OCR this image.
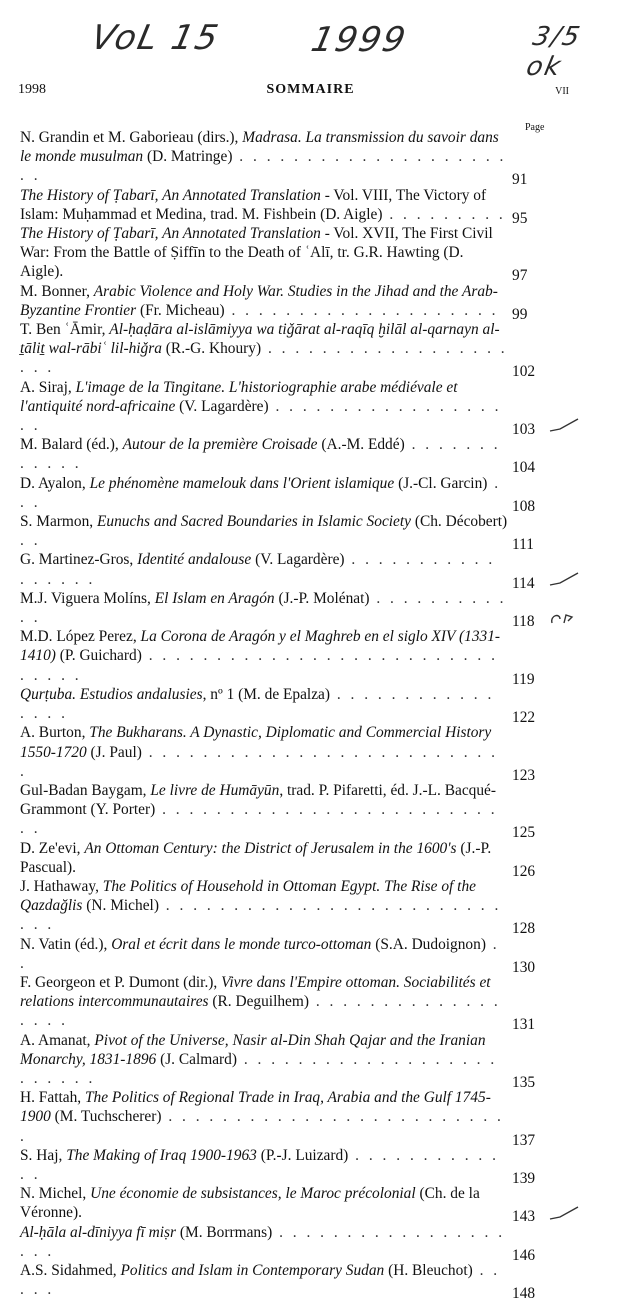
VoL 15 1999	3/5 ok
1998	SOMMAIRE	VII
Page
N. Grandin et M. Gaborieau (dirs.), Madrasa. La transmission du savoir dans le monde musulman (D. Matringe) . . . . . . . . . . . . . . . . . . . . . .	91
The History of Ṭabarī, An Annotated Translation - Vol. VIII, The Victory of Islam: Muḥammad et Medina, trad. M. Fishbein (D. Aigle) . . . . . . . . . 95
The History of Ṭabarī, An Annotated Translation - Vol. XVII, The First Civil War: From the Battle of Ṣiffīn to the Death of ʿAlī, tr. G.R. Hawting (D. Aigle).	97
M. Bonner, Arabic Violence and Holy War. Studies in the Jihad and the Arab-Byzantine Frontier (Fr. Micheau) . . . . . . . . . . . . . . . . . . . . 99
T. Ben ʿĀmir, Al-ḥaḍāra al-islāmiyya wa tiǧārat al-raqīq ḫilāl al-qarnayn al-ṯāliṯ wal-rābiʿ lil-hiǧra (R.-G. Khoury) . . . . . . . . . . . . . . . . . . . . .	102
A. Siraj, L'image de la Tingitane. L'historiographie arabe médiévale et l'antiquité nord-africaine (V. Lagardère) . . . . . . . . . . . . . . . . . . .	103
M. Balard (éd.), Autour de la première Croisade (A.-M. Eddé) . . . . . . . . . . . .	104
D. Ayalon, Le phénomène mamelouk dans l'Orient islamique (J.-Cl. Garcin) . . .	108
S. Marmon, Eunuchs and Sacred Boundaries in Islamic Society (Ch. Décobert) . .	111
G. Martinez-Gros, Identité andalouse (V. Lagardère) . . . . . . . . . . . . . . . . .	114
M.J. Viguera Molíns, El Islam en Aragón (J.-P. Molénat) . . . . . . . . . . . .	118
M.D. López Perez, La Corona de Aragón y el Maghreb en el siglo XIV (1331-1410) (P. Guichard) . . . . . . . . . . . . . . . . . . . . . . . . . . . . . . .	119
Qurṭuba. Estudios andalusies, nº 1 (M. de Epalza) . . . . . . . . . . . . . . . .	122
A. Burton, The Bukharans. A Dynastic, Diplomatic and Commercial History 1550-1720 (J. Paul) . . . . . . . . . . . . . . . . . . . . . . . . . . .	123
Gul-Badan Baygam, Le livre de Humāyūn, trad. P. Pifaretti, éd. J.-L. Bacqué-Grammont (Y. Porter) . . . . . . . . . . . . . . . . . . . . . . . . . . .	125
D. Ze'evi, An Ottoman Century: the District of Jerusalem in the 1600's (J.-P. Pascual).	126
J. Hathaway, The Politics of Household in Ottoman Egypt. The Rise of the Qazdağlis (N. Michel) . . . . . . . . . . . . . . . . . . . . . . . . . . . .	128
N. Vatin (éd.), Oral et écrit dans le monde turco-ottoman (S.A. Dudoignon) . .	130
F. Georgeon et P. Dumont (dir.), Vivre dans l'Empire ottoman. Sociabilités et relations intercommunautaires (R. Deguilhem) . . . . . . . . . . . . . . . . . .	131
A. Amanat, Pivot of the Universe, Nasir al-Din Shah Qajar and the Iranian Monarchy, 1831-1896 (J. Calmard) . . . . . . . . . . . . . . . . . . . . . . . . .	135
H. Fattah, The Politics of Regional Trade in Iraq, Arabia and the Gulf 1745-1900 (M. Tuchscherer) . . . . . . . . . . . . . . . . . . . . . . . . . .	137
S. Haj, The Making of Iraq 1900-1963 (P.-J. Luizard) . . . . . . . . . . . . .	139
N. Michel, Une économie de subsistances, le Maroc précolonial (Ch. de la Véronne).	143
Al-ḥāla al-dīniyya fī miṣr (M. Borrmans) . . . . . . . . . . . . . . . . . . . .	146
A.S. Sidahmed, Politics and Islam in Contemporary Sudan (H. Bleuchot) . . . . .	148
